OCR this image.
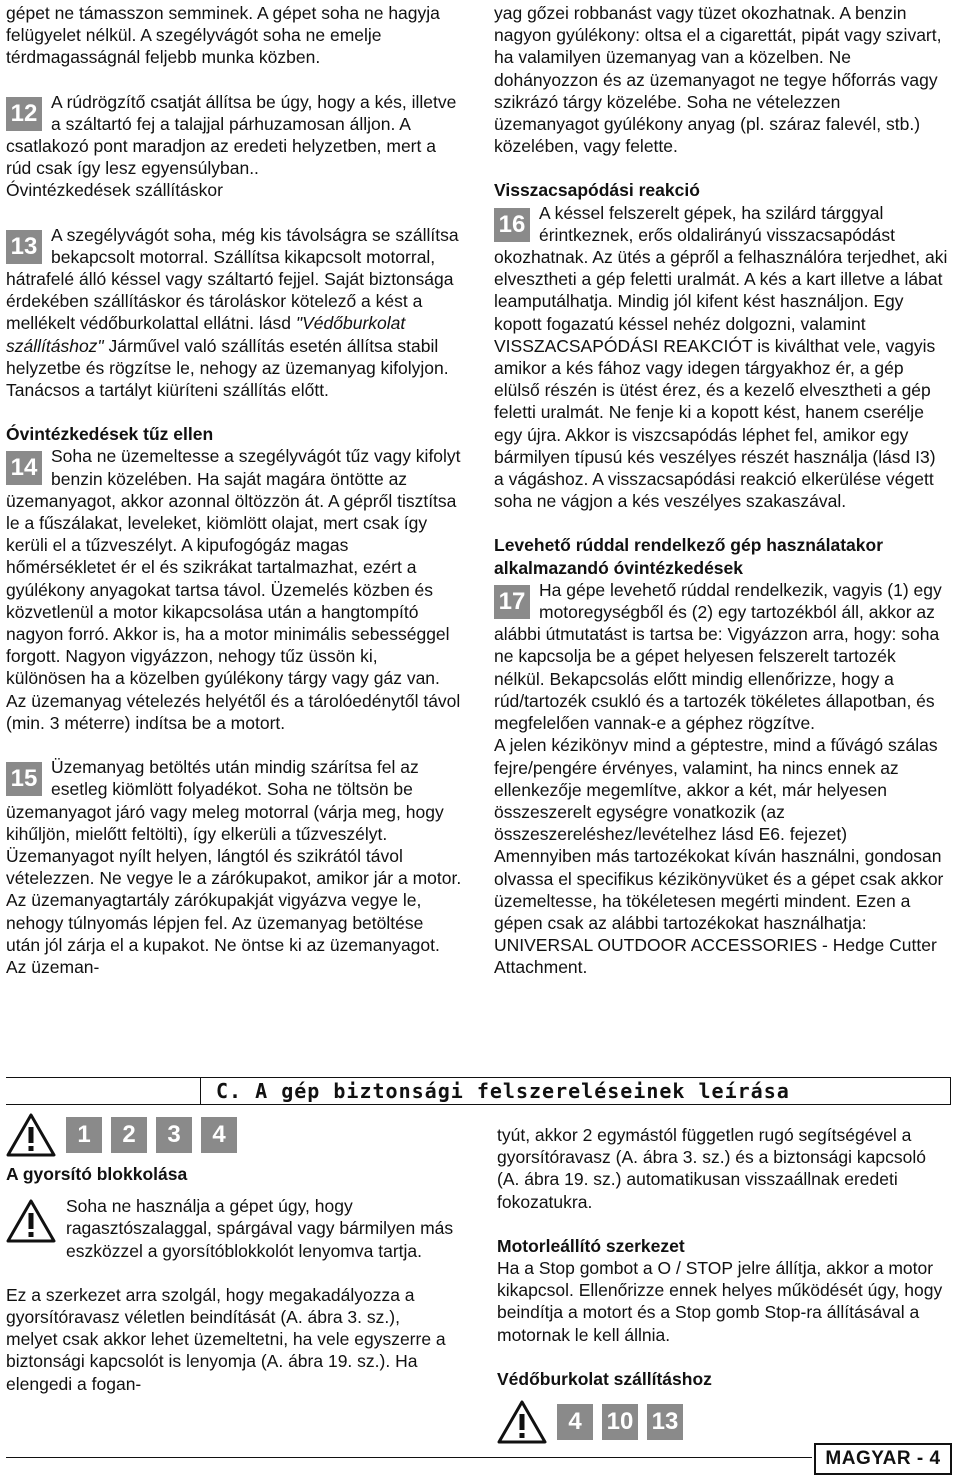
gépet ne támasszon semminek. A gépet soha ne hagyja felügyelet nélkül. A szegélyvágót soha ne emelje térdmagasságnál feljebb munka közben.

12 A rúdrögzítő csatját állítsa be úgy, hogy a kés, illetve a száltartó fej a talajjal párhuzamosan álljon. A csatlakozó pont maradjon az eredeti helyzetben, mert a rúd csak így lesz egyensúlyban..

Óvintézkedések szállításkor

13 A szegélyvágót soha, még kis távolságra se szállítsa bekapcsolt motorral. Szállítsa kikapcsolt motorral, hátrafelé álló késsel vagy száltartó fejjel. Saját biztonsága érdekében szállításkor és tároláskor kötelező a kést a mellékelt védőburkolattal ellátni. lásd "Védőburkolat szállításhoz" Járművel való szállítás esetén állítsa stabil helyzetbe és rögzítse le, nehogy az üzemanyag kifolyjon. Tanácsos a tartályt kiüríteni szállítás előtt.

Óvintézkedések tűz ellen

14 Soha ne üzemeltesse a szegélyvágót tűz vagy kifolyt benzin közelében. Ha saját magára öntötte az üzemanyagot, akkor azonnal öltözzön át. A gépről tisztítsa le a fűszálakat, leveleket, kiömlött olajat, mert csak így kerüli el a tűzveszélyt. A kipufogógáz magas hőmérsékletet ér el és szikrákat tartalmazhat, ezért a gyúlékony anyagokat tartsa távol. Üzemelés közben és közvetlenül a motor kikapcsolása után a hangtompító nagyon forró. Akkor is, ha a motor minimális sebességgel forgott. Nagyon vigyázzon, nehogy tűz üssön ki, különösen ha a közelben gyúlékony tárgy vagy gáz van. Az üzemanyag vételezés helyétől és a tárolóedénytől távol (min. 3 méterre) indítsa be a motort.

15 Üzemanyag betöltés után mindig szárítsa fel az esetleg kiömlött folyadékot. Soha ne töltsön be üzemanyagot járó vagy meleg motorral (várja meg, hogy kihűljön, mielőtt feltölti), így elkerüli a tűzveszélyt. Üzemanyagot nyílt helyen, lángtól és szikrától távol vételezzen. Ne vegye le a zárókupakot, amikor jár a motor. Az üzemanyagtartály zárókupakját vigyázva vegye le, nehogy túlnyomás lépjen fel. Az üzemanyag betöltése után jól zárja el a kupakot. Ne öntse ki az üzemanyagot. Az üzeman-

yag gőzei robbanást vagy tüzet okozhatnak. A benzin nagyon gyúlékony: oltsa el a cigarettát, pipát vagy szivart, ha valamilyen üzemanyag van a közelben. Ne dohányozzon és az üzemanyagot ne tegye hőforrás vagy szikrázó tárgy közelébe. Soha ne vételezzen üzemanyagot gyúlékony anyag (pl. száraz falevél, stb.) közelében, vagy felette.

Visszacsapódási reakció

16 A késsel felszerelt gépek, ha szilárd tárggyal érintkeznek, erős oldalirányú visszacsapódást okozhatnak. Az ütés a gépről a felhasználóra terjedhet, aki elvesztheti a gép feletti uralmát. A kés a kart illetve a lábat leamputálhatja. Mindig jól kifent kést használjon. Egy kopott fogazatú késsel nehéz dolgozni, valamint VISSZACSAPÓDÁSI REAKCIÓT is kiválthat vele, vagyis amikor a kés fához vagy idegen tárgyakhoz ér, a gép elülső részén is ütést érez, és a kezelő elvesztheti a gép feletti uralmát. Ne fenje ki a kopott kést, hanem cserélje egy újra. Akkor is viszcsapódás léphet fel, amikor egy bármilyen típusú kés veszélyes részét használja (lásd I3) a vágáshoz. A visszacsapódási reakció elkerülése végett soha ne vágjon a kés veszélyes szakaszával.

Levehető rúddal rendelkező gép használatakor alkalmazandó óvintézkedések

17 Ha gépe levehető rúddal rendelkezik, vagyis (1) egy motoregységből és (2) egy tartozékból áll, akkor az alábbi útmutatást is tartsa be: Vigyázzon arra, hogy: soha ne kapcsolja be a gépet helyesen felszerelt tartozék nélkül. Bekapcsolás előtt mindig ellenőrizze, hogy a rúd/tartozék csukló és a tartozék tökéletes állapotban, és megfelelően vannak-e a géphez rögzítve.

A jelen kézikönyv mind a géptestre, mind a fűvágó szálas fejre/pengére érvényes, valamint, ha nincs ennek az ellenkezője megemlítve, akkor a két, már helyesen összeszerelt egységre vonatkozik (az összeszereléshez/levételhez lásd E6. fejezet)

Amennyiben más tartozékokat kíván használni, gondosan olvassa el specifikus kézikönyvüket és a gépet csak akkor üzemeltesse, ha tökéletesen megérti mindent. Ezen a gépen csak az alábbi tartozékokat használhatja: UNIVERSAL OUTDOOR ACCESSORIES - Hedge Cutter Attachment.

C. A gép biztonsági felszereléseinek leírása
1	2	3	4

A gyorsító blokkolása

Soha ne használja a gépet úgy, hogy ragasztószalaggal, spárgával vagy bármilyen más eszközzel a gyorsítóblokkolót lenyomva tartja.

Ez a szerkezet arra szolgál, hogy megakadályozza a gyorsítóravasz véletlen beindítását (A. ábra 3. sz.), melyet csak akkor lehet üzemeltetni, ha vele egyszerre a biztonsági kapcsolót is lenyomja (A. ábra 19. sz.). Ha elengedi a fogan-

tyút, akkor 2 egymástól független rugó segítségével a gyorsítóravasz (A. ábra 3. sz.) és a biztonsági kapcsoló (A. ábra 19. sz.) automatikusan visszaállnak eredeti fokozatukra.

Motorleállító szerkezet

Ha a Stop gombot a O / STOP jelre állítja, akkor a motor kikapcsol. Ellenőrizze ennek helyes működését úgy, hogy beindítja a motort és a Stop gomb Stop-ra állításával a motornak le kell állnia.

Védőburkolat szállításhoz

4	10 13
MAGYAR - 4
